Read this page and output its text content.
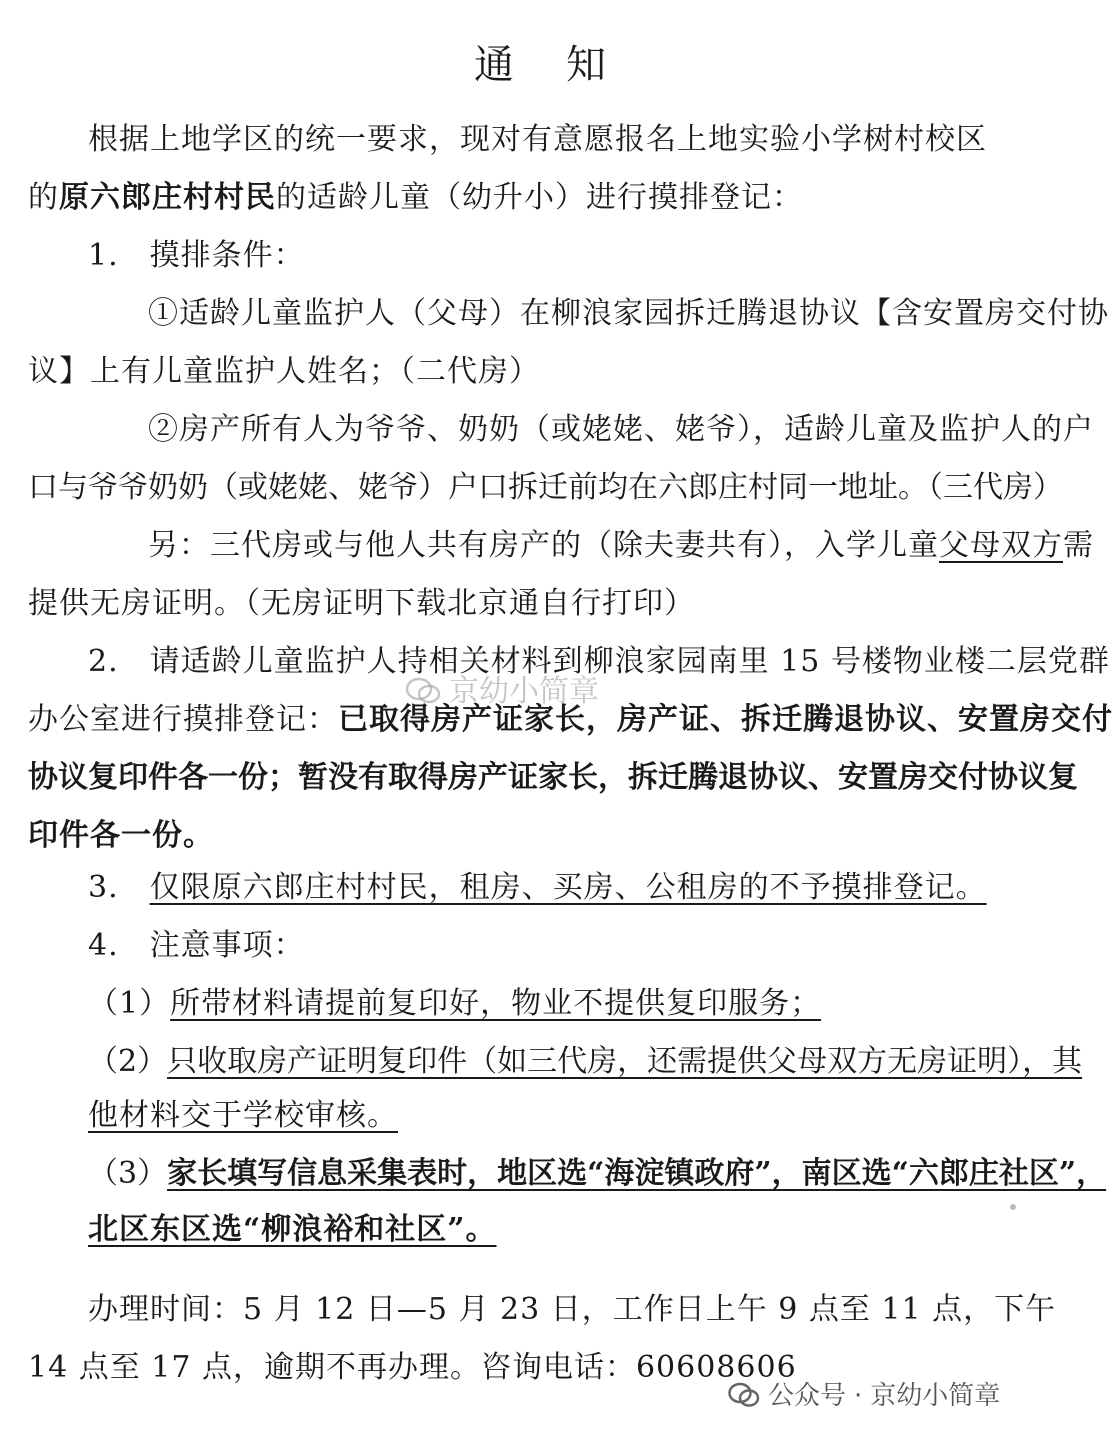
通知
根据上地学区的统一要求，现对有意愿报名上地实验小学树村校区
的原六郎庄村村民的适龄儿童（幼升小）进行摸排登记：
1.　摸排条件：
①适龄儿童监护人（父母）在柳浪家园拆迁腾退协议【含安置房交付协
议】上有儿童监护人姓名；（二代房）
②房产所有人为爷爷、奶奶（或姥姥、姥爷），适龄儿童及监护人的户
口与爷爷奶奶（或姥姥、姥爷）户口拆迁前均在六郎庄村同一地址。（三代房）
另：三代房或与他人共有房产的（除夫妻共有），入学儿童父母双方需
提供无房证明。（无房证明下载北京通自行打印）
2.　请适龄儿童监护人持相关材料到柳浪家园南里 15 号楼物业楼二层党群
办公室进行摸排登记：已取得房产证家长，房产证、拆迁腾退协议、安置房交付
协议复印件各一份；暂没有取得房产证家长，拆迁腾退协议、安置房交付协议复
印件各一份。
京幼小简章
3.　仅限原六郎庄村村民，租房、买房、公租房的不予摸排登记。
4.　注意事项：
（1）所带材料请提前复印好，物业不提供复印服务；
（2）只收取房产证明复印件（如三代房，还需提供父母双方无房证明），其
他材料交于学校审核。
（3）家长填写信息采集表时，地区选“海淀镇政府”，南区选“六郎庄社区”，
北区东区选“柳浪裕和社区”。
办理时间：5 月 12 日—5 月 23 日，工作日上午 9 点至 11 点，下午
14 点至 17 点，逾期不再办理。咨询电话：60608606
公众号 · 京幼小简章
